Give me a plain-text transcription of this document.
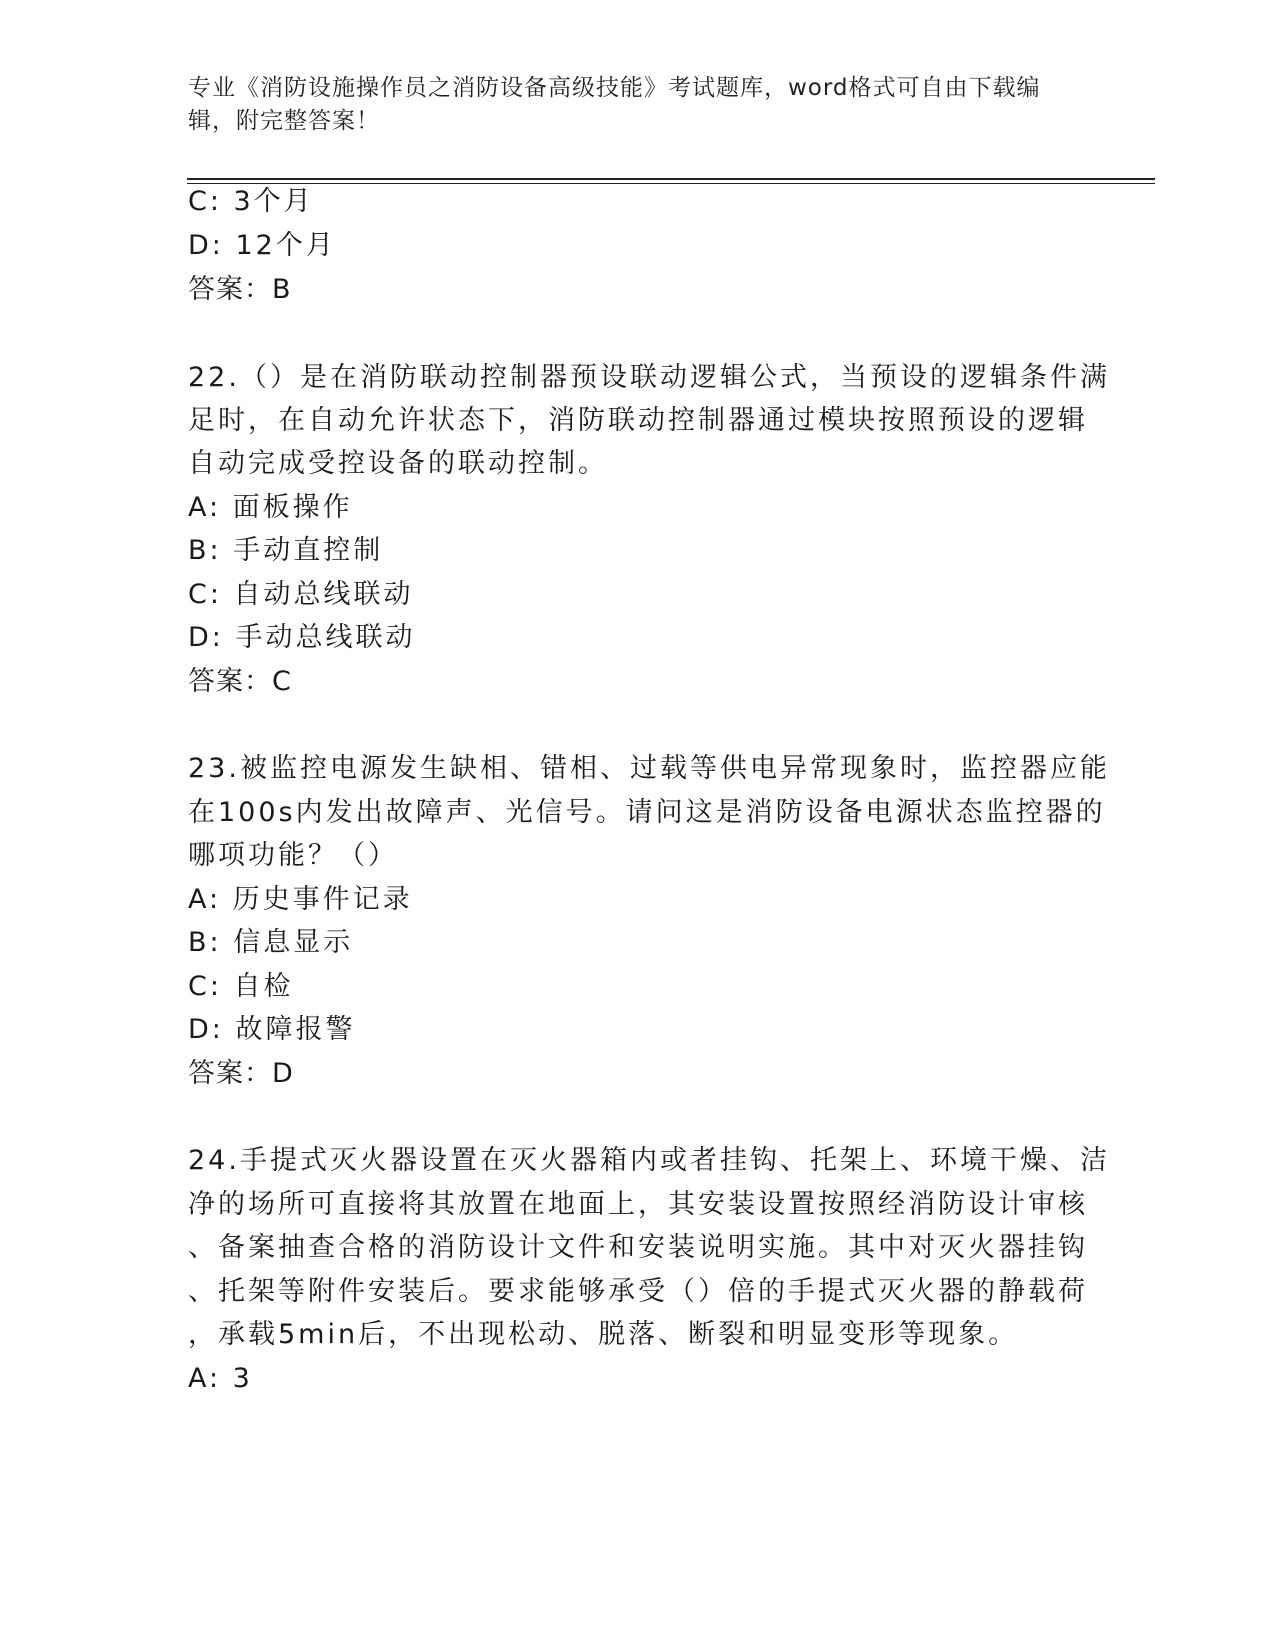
专业《消防设施操作员之消防设备高级技能》考试题库，word格式可自由下载编
辑，附完整答案！
C: 3个月
D: 12个月
答案：B
22.（）是在消防联动控制器预设联动逻辑公式，当预设的逻辑条件满
足时，在自动允许状态下，消防联动控制器通过模块按照预设的逻辑
自动完成受控设备的联动控制。
A: 面板操作
B: 手动直控制
C: 自动总线联动
D: 手动总线联动
答案：C
23.被监控电源发生缺相、错相、过载等供电异常现象时，监控器应能
在100s内发出故障声、光信号。请问这是消防设备电源状态监控器的
哪项功能？（）
A: 历史事件记录
B: 信息显示
C: 自检
D: 故障报警
答案：D
24.手提式灭火器设置在灭火器箱内或者挂钩、托架上、环境干燥、洁
净的场所可直接将其放置在地面上，其安装设置按照经消防设计审核
、备案抽查合格的消防设计文件和安装说明实施。其中对灭火器挂钩
、托架等附件安装后。要求能够承受（）倍的手提式灭火器的静载荷
，承载5min后，不出现松动、脱落、断裂和明显变形等现象。
A: 3
